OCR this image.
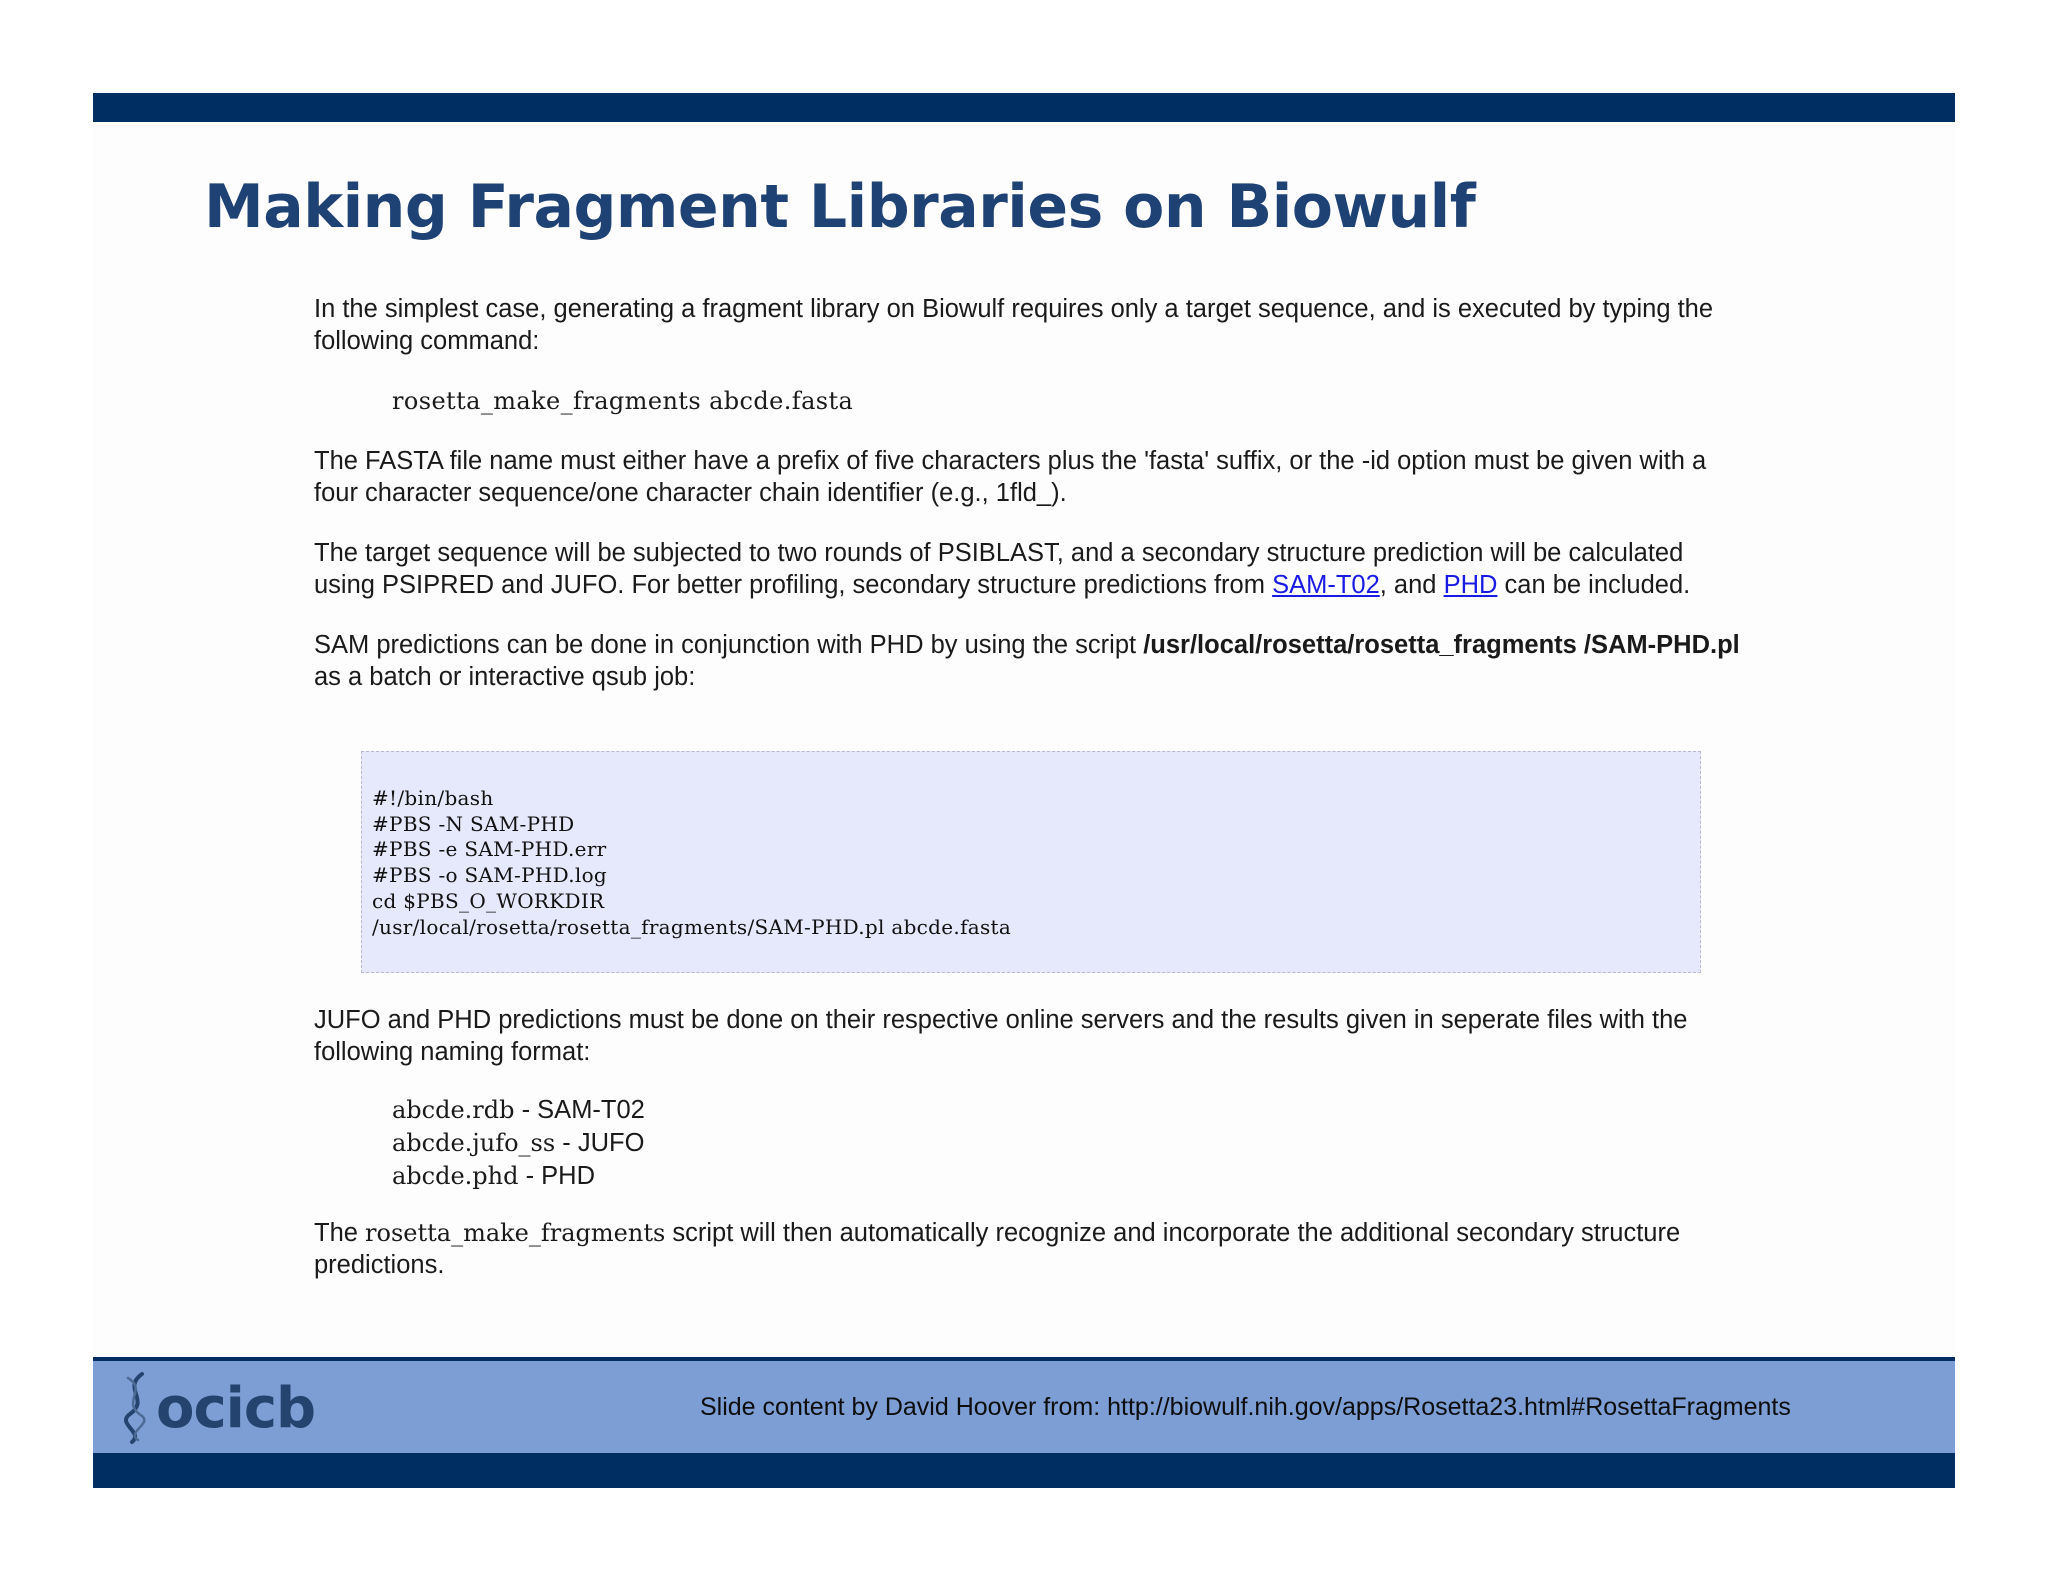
Making Fragment Libraries on Biowulf

In the simplest case, generating a fragment library on Biowulf requires only a target sequence, and is executed by typing the following command:

rosetta_make_fragments abcde.fasta

The FASTA file name must either have a prefix of five characters plus the 'fasta' suffix, or the -id option must be given with a four character sequence/one character chain identifier (e.g., 1fld_).

The target sequence will be subjected to two rounds of PSIBLAST, and a secondary structure prediction will be calculated using PSIPRED and JUFO. For better profiling, secondary structure predictions from SAM-T02, and PHD can be included.

SAM predictions can be done in conjunction with PHD by using the script /usr/local/rosetta/rosetta_fragments /SAM-PHD.pl as a batch or interactive qsub job:

#!/bin/bash
#PBS -N SAM-PHD
#PBS -e SAM-PHD.err
#PBS -o SAM-PHD.log
cd $PBS_O_WORKDIR
/usr/local/rosetta/rosetta_fragments/SAM-PHD.pl abcde.fasta

JUFO and PHD predictions must be done on their respective online servers and the results given in seperate files with the following naming format:

abcde.rdb - SAM-T02
abcde.jufo_ss - JUFO
abcde.phd - PHD

The rosetta_make_fragments script will then automatically recognize and incorporate the additional secondary structure predictions.

ocicb	Slide content by David Hoover from: http://biowulf.nih.gov/apps/Rosetta23.html#RosettaFragments
